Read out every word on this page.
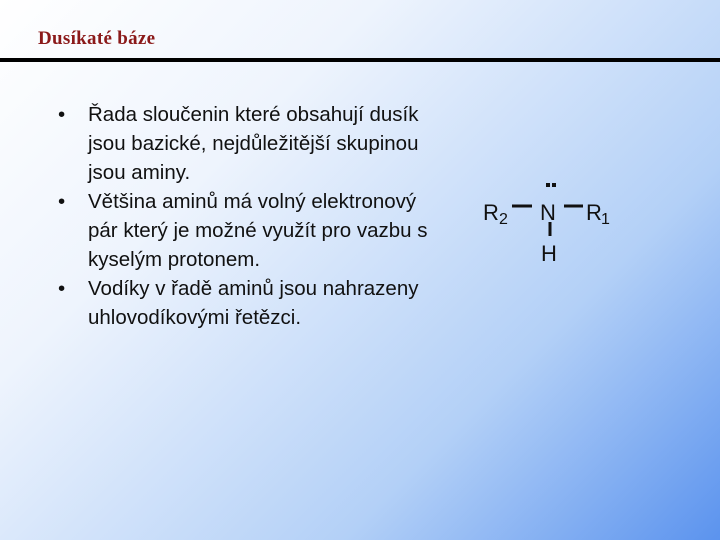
Dusíkaté báze
• Řada sloučenin které obsahují dusík jsou bazické, nejdůležitější skupinou jsou aminy.
• Většina aminů má volný elektronový pár který je možné využít pro vazbu s kyselým protonem.
• Vodíky v řadě aminů jsou nahrazeny uhlovodíkovými řetězci.
R 2 N R 1
H
